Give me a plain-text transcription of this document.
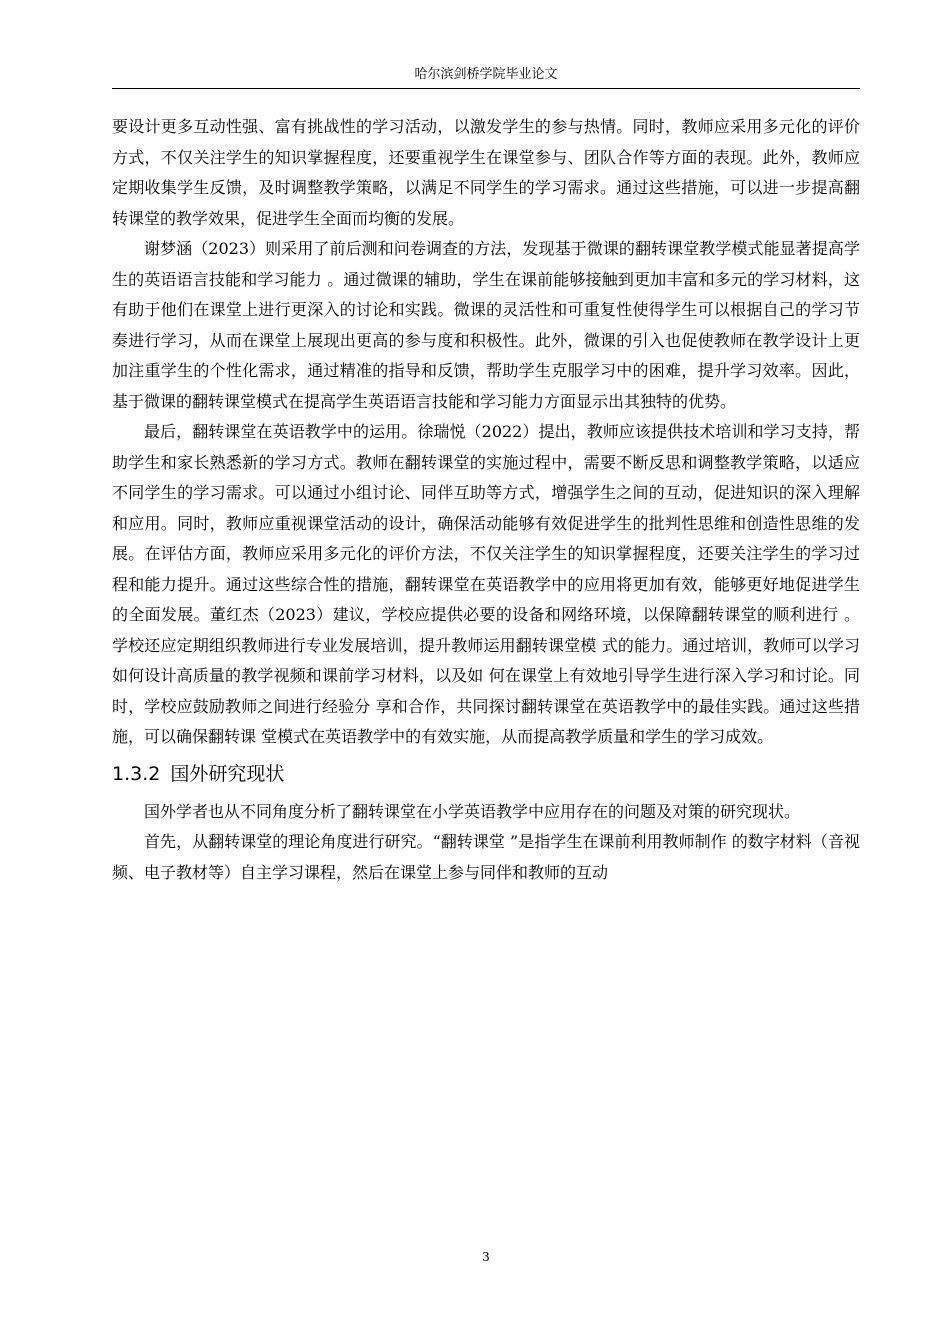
哈尔滨剑桥学院毕业论文

要设计更多互动性强、富有挑战性的学习活动，以激发学生的参与热情。同时，教师应采用多元化的评价方式，不仅关注学生的知识掌握程度，还要重视学生在课堂参与、团队合作等方面的表现。此外，教师应定期收集学生反馈，及时调整教学策略，以满足不同学生的学习需求。通过这些措施，可以进一步提高翻转课堂的教学效果，促进学生全面而均衡的发展。

谢梦涵（2023）则采用了前后测和问卷调查的方法，发现基于微课的翻转课堂教学模式能显著提高学生的英语语言技能和学习能力 。通过微课的辅助，学生在课前能够接触到更加丰富和多元的学习材料，这有助于他们在课堂上进行更深入的讨论和实践。微课的灵活性和可重复性使得学生可以根据自己的学习节奏进行学习，从而在课堂上展现出更高的参与度和积极性。此外，微课的引入也促使教师在教学设计上更加注重学生的个性化需求，通过精准的指导和反馈，帮助学生克服学习中的困难，提升学习效率。因此，基于微课的翻转课堂模式在提高学生英语语言技能和学习能力方面显示出其独特的优势。

最后，翻转课堂在英语教学中的运用。徐瑞悦（2022）提出，教师应该提供技术培训和学习支持，帮助学生和家长熟悉新的学习方式。教师在翻转课堂的实施过程中，需要不断反思和调整教学策略，以适应不同学生的学习需求。可以通过小组讨论、同伴互助等方式，增强学生之间的互动，促进知识的深入理解和应用。同时，教师应重视课堂活动的设计，确保活动能够有效促进学生的批判性思维和创造性思维的发展。在评估方面，教师应采用多元化的评价方法，不仅关注学生的知识掌握程度，还要关注学生的学习过程和能力提升。通过这些综合性的措施，翻转课堂在英语教学中的应用将更加有效，能够更好地促进学生的全面发展。董红杰（2023）建议，学校应提供必要的设备和网络环境，以保障翻转课堂的顺利进行 。学校还应定期组织教师进行专业发展培训，提升教师运用翻转课堂模 式的能力。通过培训，教师可以学习如何设计高质量的教学视频和课前学习材料，以及如 何在课堂上有效地引导学生进行深入学习和讨论。同时，学校应鼓励教师之间进行经验分 享和合作，共同探讨翻转课堂在英语教学中的最佳实践。通过这些措施，可以确保翻转课 堂模式在英语教学中的有效实施，从而提高教学质量和学生的学习成效。

1.3.2 国外研究现状

国外学者也从不同角度分析了翻转课堂在小学英语教学中应用存在的问题及对策的研究现状。

首先，从翻转课堂的理论角度进行研究。“翻转课堂 ”是指学生在课前利用教师制作 的数字材料（音视频、电子教材等）自主学习课程，然后在课堂上参与同伴和教师的互动

3
